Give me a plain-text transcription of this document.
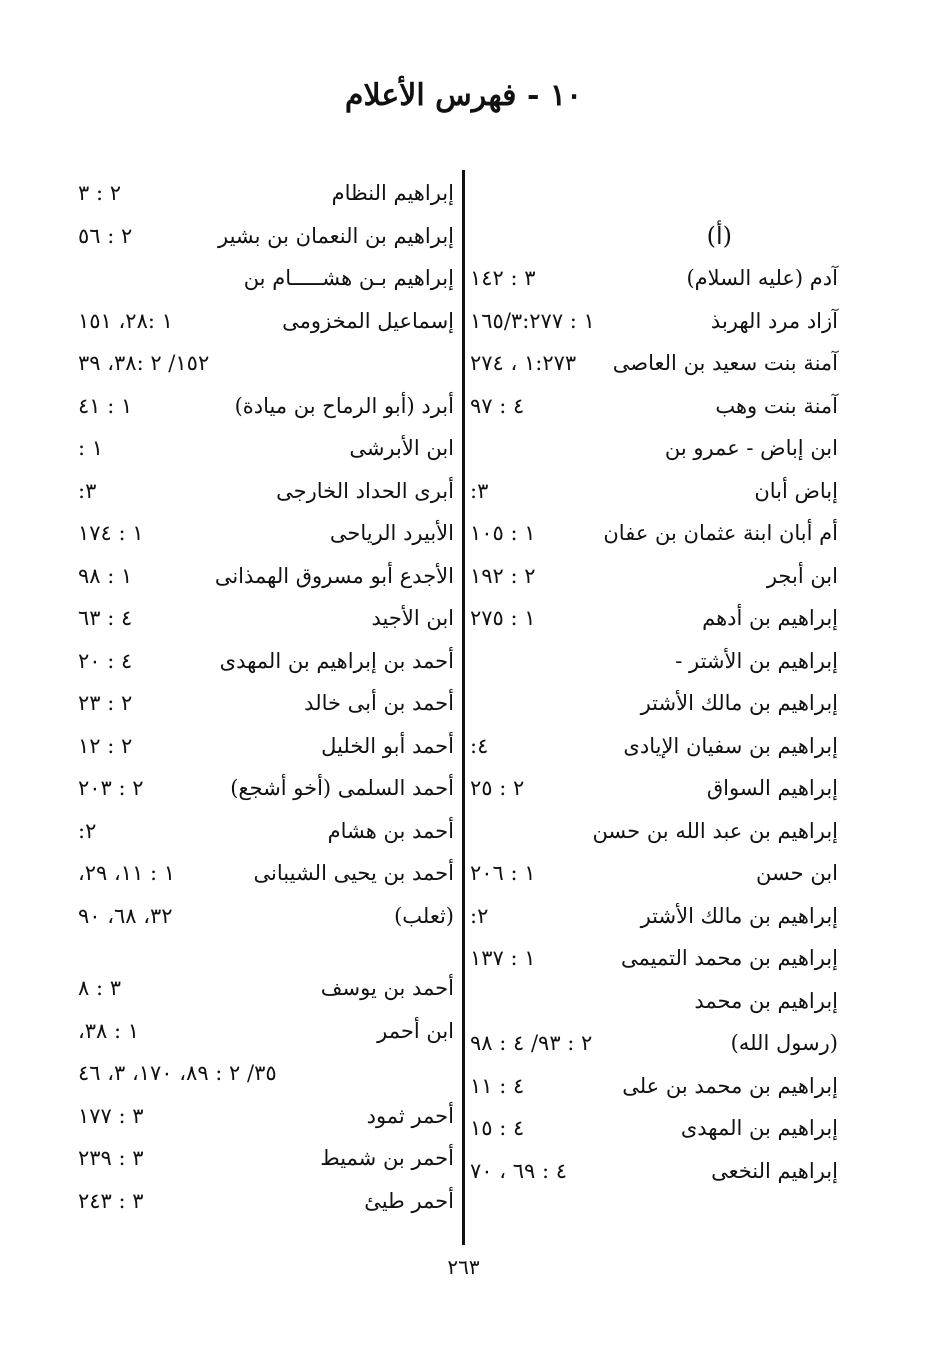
١٠ - فهرس الأعلام
(أ)
آدم (عليه السلام)
٣ : ١٤٢
آزاد مرد الهربذ
١ : ١٦٥/٣:٢٧٧
آمنة بنت سعيد بن العاصى
١:٢٧٣ ، ٢٧٤
آمنة بنت وهب
٤ : ٩٧
ابن إباض - عمرو بن
إباض أبان
٣:
أم أبان ابنة عثمان بن عفان
١ : ١٠٥
ابن أبجر
٢ : ١٩٢
إبراهيم بن أدهم
١ : ٢٧٥
إبراهيم بن الأشتر -
إبراهيم بن مالك الأشتر
إبراهيم بن سفيان الإيادى
٤:
إبراهيم السواق
٢ : ٢٥
إبراهيم بن عبد الله بن حسن
ابن حسن
١ : ٢٠٦
إبراهيم بن مالك الأشتر
٢:
إبراهيم بن محمد التميمى
١ : ١٣٧
إبراهيم بن محمد
(رسول الله)
٢ : ٩٣/ ٤ : ٩٨
إبراهيم بن محمد بن على
٤ : ١١
إبراهيم بن المهدى
٤ : ١٥
إبراهيم النخعى
٤ : ٦٩ ، ٧٠
إبراهيم النظام
٢ : ٣
إبراهيم بن النعمان بن بشير
٢ : ٥٦
إبراهيم بـن هشـــــام بن
إسماعيل المخزومى
١ :٢٨، ١٥١
١٥٢/ ٢ :٣٨، ٣٩
أبرد (أبو الرماح بن ميادة)
١ : ٤١
ابن الأبرشى
١ :
أبرى الحداد الخارجى
٣:
الأبيرد الرياحى
١ : ١٧٤
الأجدع أبو مسروق الهمذانى
١ : ٩٨
ابن الأجيد
٤ : ٦٣
أحمد بن إبراهيم بن المهدى
٤ : ٢٠
أحمد بن أبى خالد
٢ : ٢٣
أحمد أبو الخليل
٢ : ١٢
أحمد السلمى (أخو أشجع)
٢ : ٢٠٣
أحمد بن هشام
٢:
أحمد بن يحيى الشيبانى
١ : ١١، ٢٩،
(ثعلب)
٣٢، ٦٨، ٩٠
أحمد بن يوسف
٣ : ٨
ابن أحمر
١ : ٣٨،
٣٥/ ٢ : ٨٩، ١٧٠، ٣، ٤٦
أحمر ثمود
٣ : ١٧٧
أحمر بن شميط
٣ : ٢٣٩
أحمر طيئ
٣ : ٢٤٣
٢٦٣
